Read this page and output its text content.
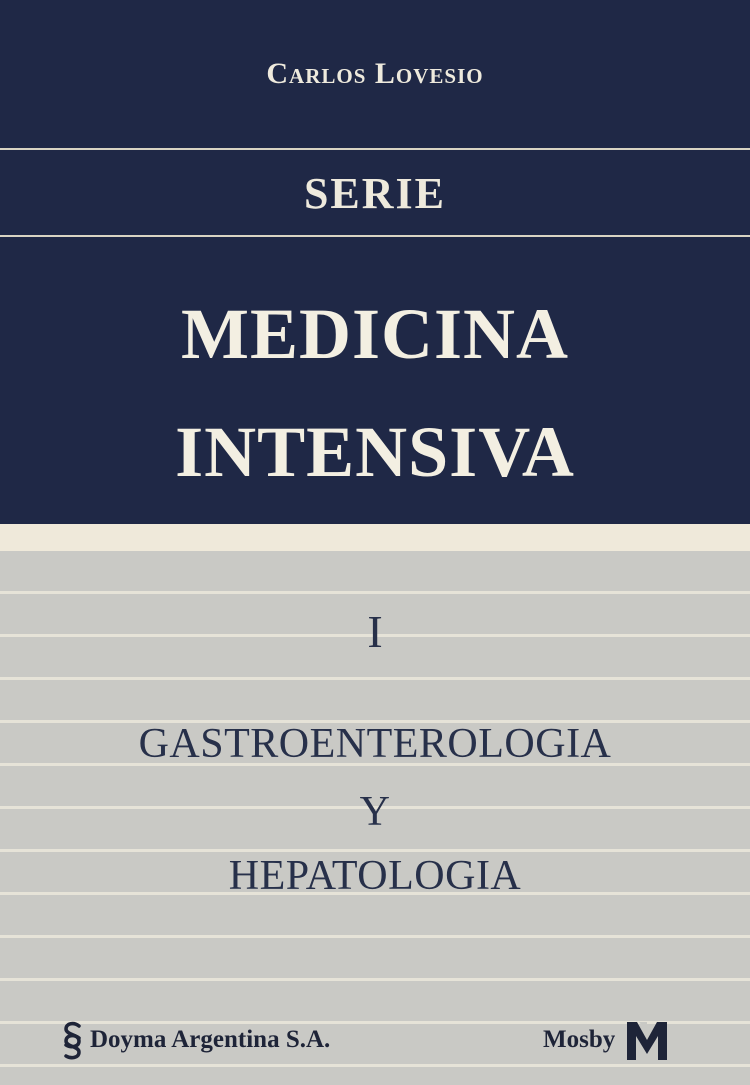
Carlos Lovesio
SERIE
MEDICINA
INTENSIVA
I
GASTROENTEROLOGIA
Y
HEPATOLOGIA
Doyma Argentina S.A.	Mosby
